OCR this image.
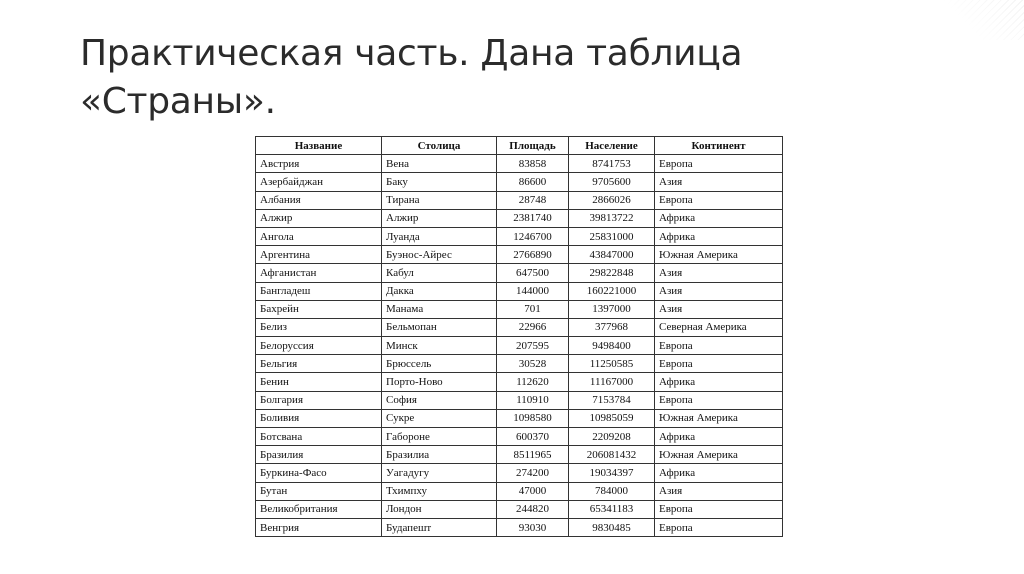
Практическая часть. Дана таблица
«Страны».
Название	Столица	Площадь	Население	Континент
Австрия	Вена	83858	8741753	Европа
Азербайджан	Баку	86600	9705600	Азия
Албания	Тирана	28748	2866026	Европа
Алжир	Алжир	2381740	39813722	Африка
Ангола	Луанда	1246700	25831000	Африка
Аргентина	Буэнос-Айрес	2766890	43847000	Южная Америка
Афганистан	Кабул	647500	29822848	Азия
Бангладеш	Дакка	144000	160221000	Азия
Бахрейн	Манама	701	1397000	Азия
Белиз	Бельмопан	22966	377968	Северная Америка
Белоруссия	Минск	207595	9498400	Европа
Бельгия	Брюссель	30528	11250585	Европа
Бенин	Порто-Ново	112620	11167000	Африка
Болгария	София	110910	7153784	Европа
Боливия	Сукре	1098580	10985059	Южная Америка
Ботсвана	Габороне	600370	2209208	Африка
Бразилия	Бразилиа	8511965	206081432	Южная Америка
Буркина-Фасо	Уагадугу	274200	19034397	Африка
Бутан	Тхимпху	47000	784000	Азия
Великобритания	Лондон	244820	65341183	Европа
Венгрия	Будапешт	93030	9830485	Европа
